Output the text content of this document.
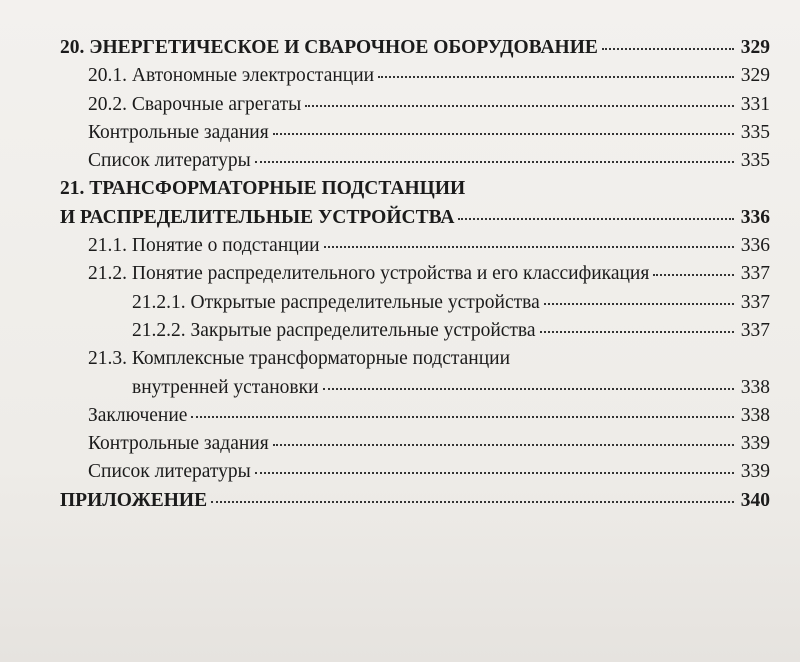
20. ЭНЕРГЕТИЧЕСКОЕ И СВАРОЧНОЕ ОБОРУДОВАНИЕ	329
20.1. Автономные электростанции	329
20.2. Сварочные агрегаты	331
Контрольные задания	335
Список литературы	335
21. ТРАНСФОРМАТОРНЫЕ ПОДСТАНЦИИ
И РАСПРЕДЕЛИТЕЛЬНЫЕ УСТРОЙСТВА	336
21.1. Понятие о подстанции	336
21.2. Понятие распределительного устройства и его классификация	337
21.2.1. Открытые распределительные устройства	337
21.2.2. Закрытые распределительные устройства	337
21.3. Комплексные трансформаторные подстанции
внутренней установки	338
Заключение	338
Контрольные задания	339
Список литературы	339
ПРИЛОЖЕНИЕ	340
